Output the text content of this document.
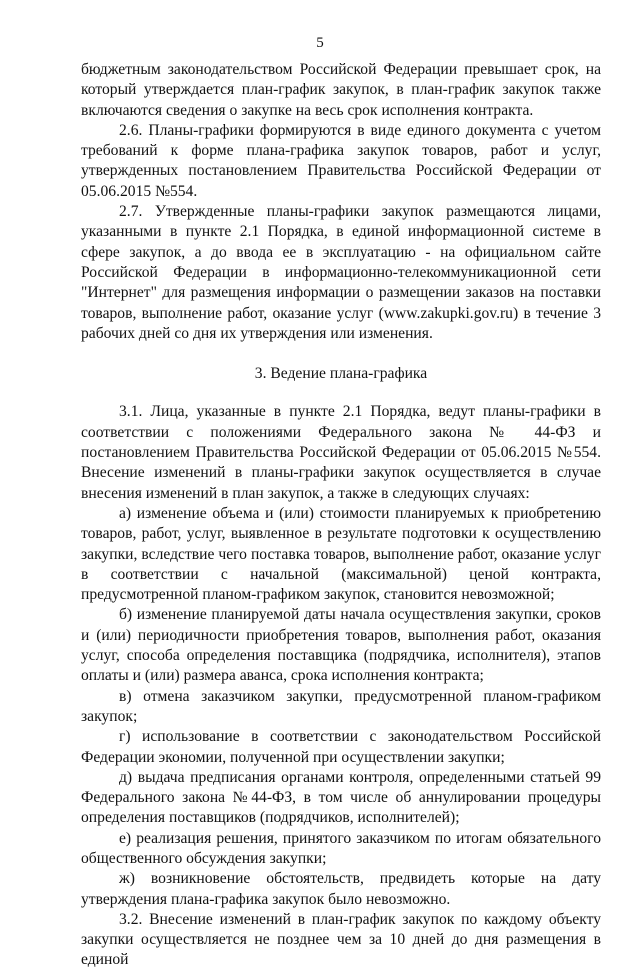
5

бюджетным законодательством Российской Федерации превышает срок, на который утверждается план-график закупок, в план-график закупок также включаются сведения о закупке на весь срок исполнения контракта.

2.6. Планы-графики формируются в виде единого документа с учетом требований к форме плана-графика закупок товаров, работ и услуг, утвержденных постановлением Правительства Российской Федерации от 05.06.2015 №554.

2.7. Утвержденные планы-графики закупок размещаются лицами, указанными в пункте 2.1 Порядка, в единой информационной системе в сфере закупок, а до ввода ее в эксплуатацию - на официальном сайте Российской Федерации в информационно-телекоммуникационной сети "Интернет" для размещения информации о размещении заказов на поставки товаров, выполнение работ, оказание услуг (www.zakupki.gov.ru) в течение 3 рабочих дней со дня их утверждения или изменения.

3. Ведение плана-графика

3.1. Лица, указанные в пункте 2.1 Порядка, ведут планы-графики в соответствии с положениями Федерального закона № 44-ФЗ и постановлением Правительства Российской Федерации от 05.06.2015 №554. Внесение изменений в планы-графики закупок осуществляется в случае внесения изменений в план закупок, а также в следующих случаях:

а) изменение объема и (или) стоимости планируемых к приобретению товаров, работ, услуг, выявленное в результате подготовки к осуществлению закупки, вследствие чего поставка товаров, выполнение работ, оказание услуг в соответствии с начальной (максимальной) ценой контракта, предусмотренной планом-графиком закупок, становится невозможной;

б) изменение планируемой даты начала осуществления закупки, сроков и (или) периодичности приобретения товаров, выполнения работ, оказания услуг, способа определения поставщика (подрядчика, исполнителя), этапов оплаты и (или) размера аванса, срока исполнения контракта;

в) отмена заказчиком закупки, предусмотренной планом-графиком закупок;

г) использование в соответствии с законодательством Российской Федерации экономии, полученной при осуществлении закупки;

д) выдача предписания органами контроля, определенными статьей 99 Федерального закона №44-ФЗ, в том числе об аннулировании процедуры определения поставщиков (подрядчиков, исполнителей);

е) реализация решения, принятого заказчиком по итогам обязательного общественного обсуждения закупки;

ж) возникновение обстоятельств, предвидеть которые на дату утверждения плана-графика закупок было невозможно.

3.2. Внесение изменений в план-график закупок по каждому объекту закупки осуществляется не позднее чем за 10 дней до дня размещения в единой
